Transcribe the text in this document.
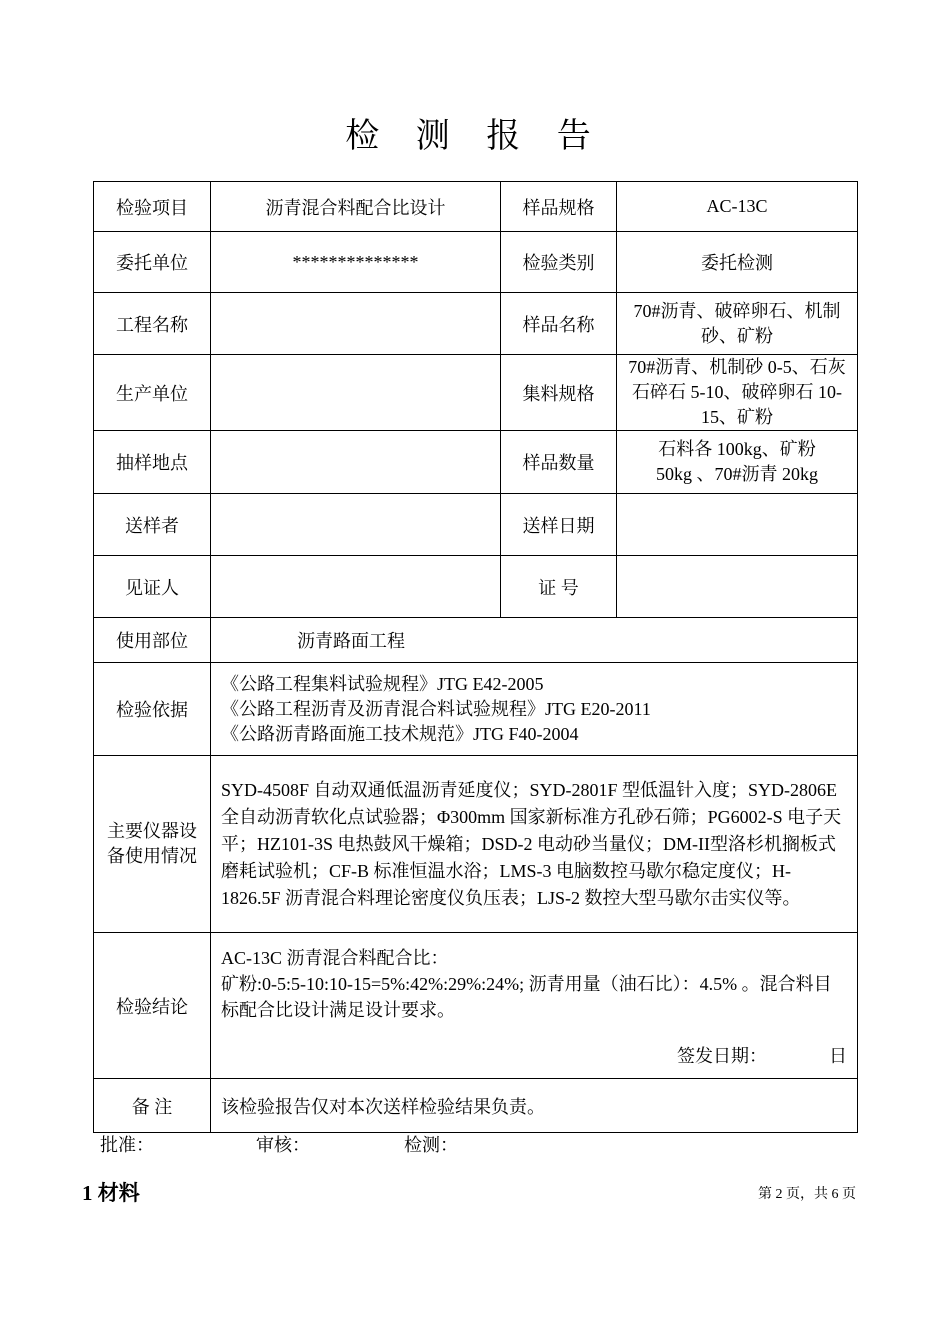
检 测 报 告
检验项目	沥青混合料配合比设计	样品规格	AC-13C
委托单位	**************	检验类别	委托检测
工程名称		样品名称	70#沥青、破碎卵石、机制
砂、矿粉

生产单位		集料规格	70#沥青、机制砂 0-5、石灰
石碎石 5-10、破碎卵石 10-
15、矿粉

抽样地点		样品数量	石料各 100kg、矿粉
50kg 、70#沥青 20kg

送样者		送样日期	
见证人		证 号	
使用部位	沥青路面工程		
检验依据	《公路工程集料试验规程》JTG E42-2005
《公路工程沥青及沥青混合料试验规程》JTG E20-2011
《公路沥青路面施工技术规范》JTG F40-2004		

主要仪器设
备使用情况	SYD-4508F 自动双通低温沥青延度仪；SYD-2801F 型低温针入度；SYD-2806E 全自动沥青软化点试验器；Φ300mm 国家新标准方孔砂石筛；PG6002-S 电子天平；HZ101-3S 电热鼓风干燥箱；DSD-2 电动砂当量仪；DM-II型洛杉机搁板式磨耗试验机；CF-B 标准恒温水浴；LMS-3 电脑数控马歇尔稳定度仪；H-1826.5F 沥青混合料理论密度仪负压表；LJS-2 数控大型马歇尔击实仪等。		
检验结论	AC-13C 沥青混合料配合比：
矿粉:0-5:5-10:10-15=5%:42%:29%:24%; 沥青用量（油石比）：4.5% 。混合料目标配合比设计满足设计要求。
签发日期： 日		

备 注	该检验报告仅对本次送样检验结果负责。		
批准：	审核：	检测：
1 材料	第 2 页，共 6 页
